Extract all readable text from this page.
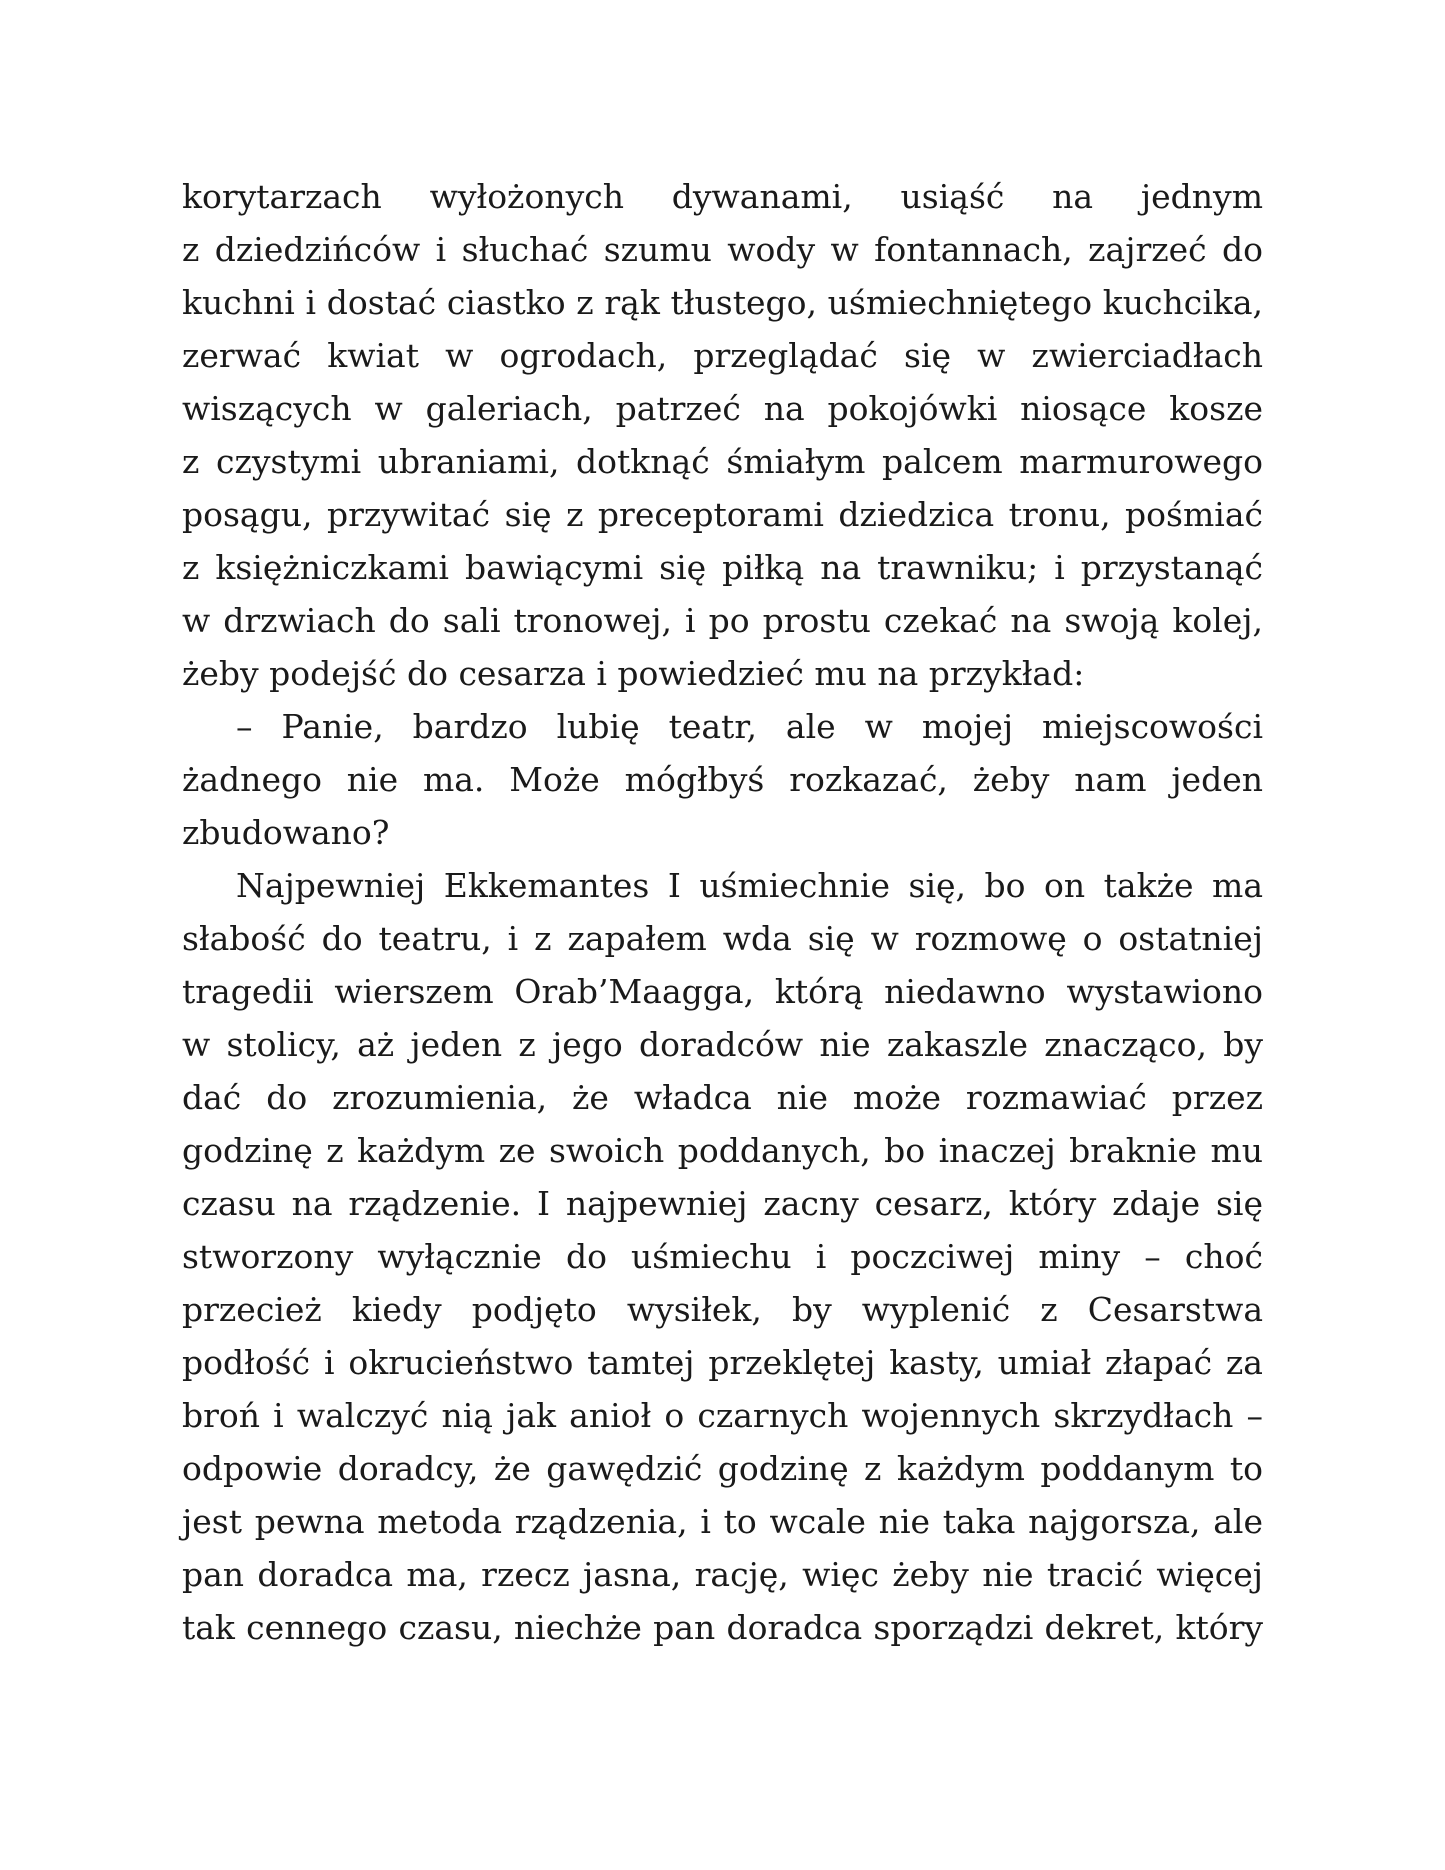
korytarzach wyłożonych dywanami, usiąść na jednym
z dziedzińców i słuchać szumu wody w fontannach, zajrzeć do
kuchni i dostać ciastko z rąk tłustego, uśmiechniętego kuchcika,
zerwać kwiat w ogrodach, przeglądać się w zwierciadłach
wiszących w galeriach, patrzeć na pokojówki niosące kosze
z czystymi ubraniami, dotknąć śmiałym palcem marmurowego
posągu, przywitać się z preceptorami dziedzica tronu, pośmiać
z księżniczkami bawiącymi się piłką na trawniku; i przystanąć
w drzwiach do sali tronowej, i po prostu czekać na swoją kolej,
żeby podejść do cesarza i powiedzieć mu na przykład:
– Panie, bardzo lubię teatr, ale w mojej miejscowości
żadnego nie ma. Może mógłbyś rozkazać, żeby nam jeden
zbudowano?
Najpewniej Ekkemantes I uśmiechnie się, bo on także ma
słabość do teatru, i z zapałem wda się w rozmowę o ostatniej
tragedii wierszem Orab’Maagga, którą niedawno wystawiono
w stolicy, aż jeden z jego doradców nie zakaszle znacząco, by
dać do zrozumienia, że władca nie może rozmawiać przez
godzinę z każdym ze swoich poddanych, bo inaczej braknie mu
czasu na rządzenie. I najpewniej zacny cesarz, który zdaje się
stworzony wyłącznie do uśmiechu i poczciwej miny – choć
przecież kiedy podjęto wysiłek, by wyplenić z Cesarstwa
podłość i okrucieństwo tamtej przeklętej kasty, umiał złapać za
broń i walczyć nią jak anioł o czarnych wojennych skrzydłach –
odpowie doradcy, że gawędzić godzinę z każdym poddanym to
jest pewna metoda rządzenia, i to wcale nie taka najgorsza, ale
pan doradca ma, rzecz jasna, rację, więc żeby nie tracić więcej
tak cennego czasu, niechże pan doradca sporządzi dekret, który
